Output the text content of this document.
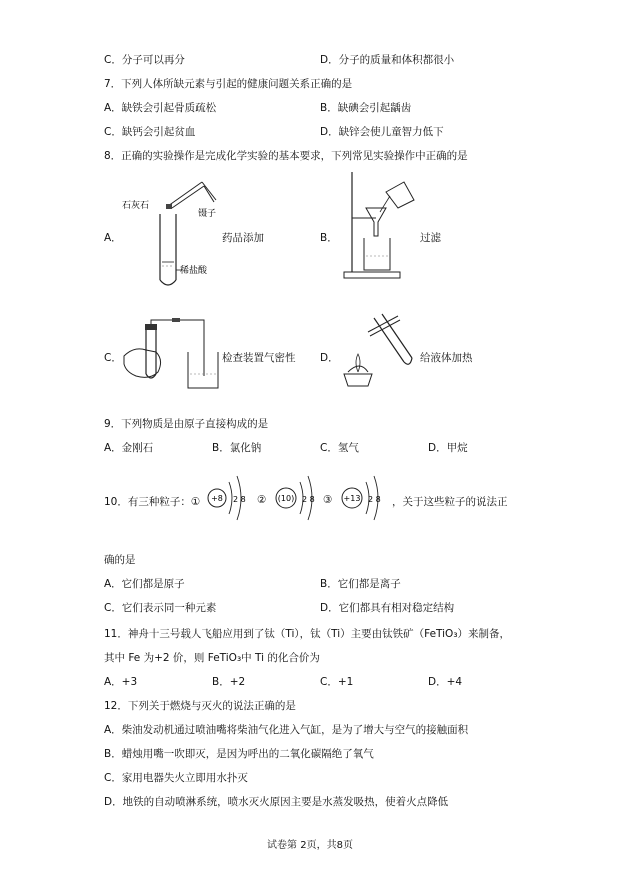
C．分子可以再分	D．分子的质量和体积都很小
7．下列人体所缺元素与引起的健康问题关系正确的是
A．缺铁会引起骨质疏松	B．缺碘会引起龋齿
C．缺钙会引起贫血	D．缺锌会使儿童智力低下
8．正确的实验操作是完成化学实验的基本要求，下列常见实验操作中正确的是
A．
石灰石
镊子
稀盐酸
药品添加	B．	过滤
C．	检查装置气密性 D．	给液体加热
9．下列物质是由原子直接构成的是
A．金刚石	B．氯化钠	C．氢气	D．甲烷
10．有三种粒子：① +8 2 8 ② (10) 2 8 ③ +13 2 8 ，关于这些粒子的说法正
确的是
A．它们都是原子	B．它们都是离子
C．它们表示同一种元素	D．它们都具有相对稳定结构
11．神舟十三号载人飞船应用到了钛（Ti），钛（Ti）主要由钛铁矿（FeTiO₃）来制备，
其中 Fe 为+2 价，则 FeTiO₃中 Ti 的化合价为
A．+3	B．+2	C．+1	D．+4
12．下列关于燃烧与灭火的说法正确的是
A．柴油发动机通过喷油嘴将柴油气化进入气缸，是为了增大与空气的接触面积
B．蜡烛用嘴一吹即灭，是因为呼出的二氧化碳隔绝了氧气
C．家用电器失火立即用水扑灭
D．地铁的自动喷淋系统，喷水灭火原因主要是水蒸发吸热，使着火点降低
试卷第 2页，共8页
